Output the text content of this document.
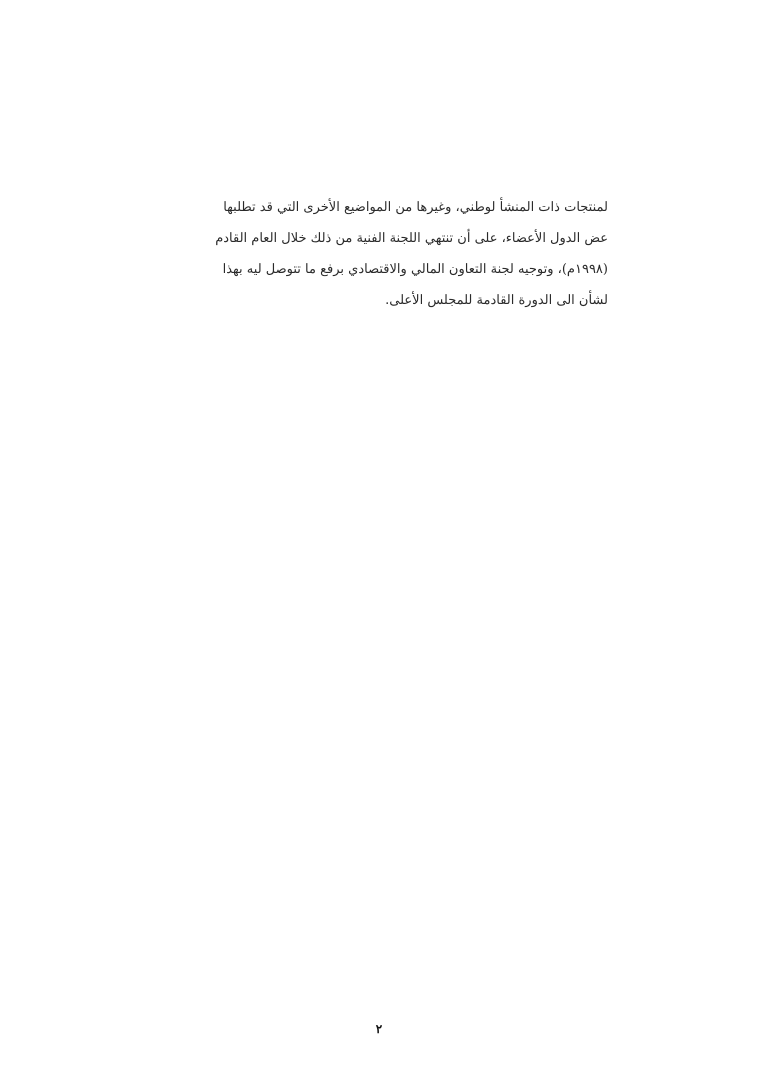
لمنتجات ذات المنشأ لوطني، وغيرها من المواضيع الأخرى التي قد تطلبها
عض الدول الأعضاء، على أن تنتهي اللجنة الفنية من ذلك خلال العام القادم
(١٩٩٨م)، وتوجيه لجنة التعاون المالي والاقتصادي برفع ما تتوصل ليه بهذا
لشأن الى الدورة القادمة للمجلس الأعلى.
٢
